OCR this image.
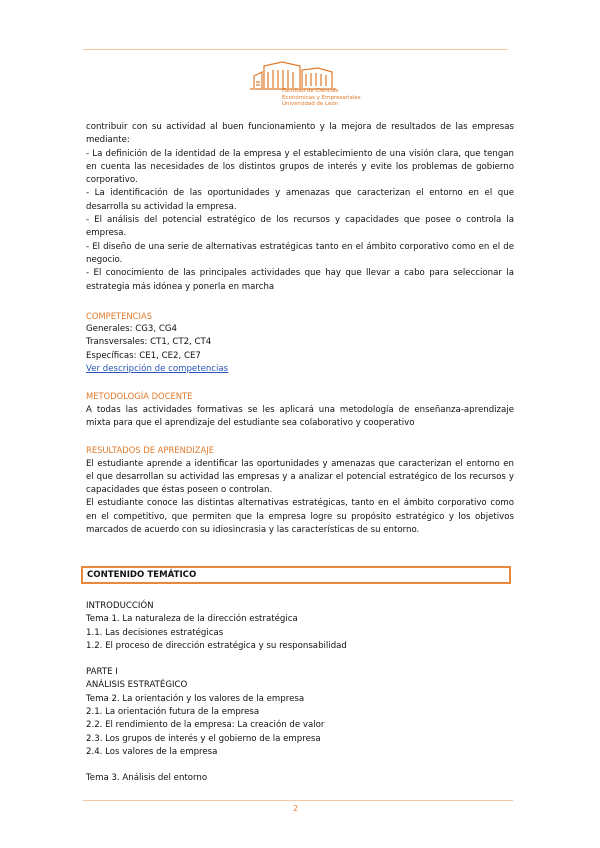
Facultad de Ciencias
Económicas y Empresariales
Universidad de León

contribuir con su actividad al buen funcionamiento y la mejora de resultados de las empresas mediante:

- La definición de la identidad de la empresa y el establecimiento de una visión clara, que tengan en cuenta las necesidades de los distintos grupos de interés y evite los problemas de gobierno corporativo.

- La identificación de las oportunidades y amenazas que caracterizan el entorno en el que desarrolla su actividad la empresa.

- El análisis del potencial estratégico de los recursos y capacidades que posee o controla la empresa.

- El diseño de una serie de alternativas estratégicas tanto en el ámbito corporativo como en el de negocio.

- El conocimiento de las principales actividades que hay que llevar a cabo para seleccionar la estrategia más idónea y ponerla en marcha

COMPETENCIAS

Generales: CG3, CG4

Transversales: CT1, CT2, CT4

Específicas: CE1, CE2, CE7

Ver descripción de competencias

METODOLOGÍA DOCENTE

A todas las actividades formativas se les aplicará una metodología de enseñanza-aprendizaje mixta para que el aprendizaje del estudiante sea colaborativo y cooperativo

RESULTADOS DE APRENDIZAJE

El estudiante aprende a identificar las oportunidades y amenazas que caracterizan el entorno en el que desarrollan su actividad las empresas y a analizar el potencial estratégico de los recursos y capacidades que éstas poseen o controlan.

El estudiante conoce las distintas alternativas estratégicas, tanto en el ámbito corporativo como en el competitivo, que permiten que la empresa logre su propósito estratégico y los objetivos marcados de acuerdo con su idiosincrasia y las características de su entorno.

CONTENIDO TEMÁTICO

INTRODUCCIÓN

Tema 1. La naturaleza de la dirección estratégica

1.1. Las decisiones estratégicas

1.2. El proceso de dirección estratégica y su responsabilidad

PARTE I

ANÁLISIS ESTRATÉGICO

Tema 2. La orientación y los valores de la empresa

2.1. La orientación futura de la empresa

2.2. El rendimiento de la empresa: La creación de valor

2.3. Los grupos de interés y el gobierno de la empresa

2.4. Los valores de la empresa

Tema 3. Análisis del entorno

2
